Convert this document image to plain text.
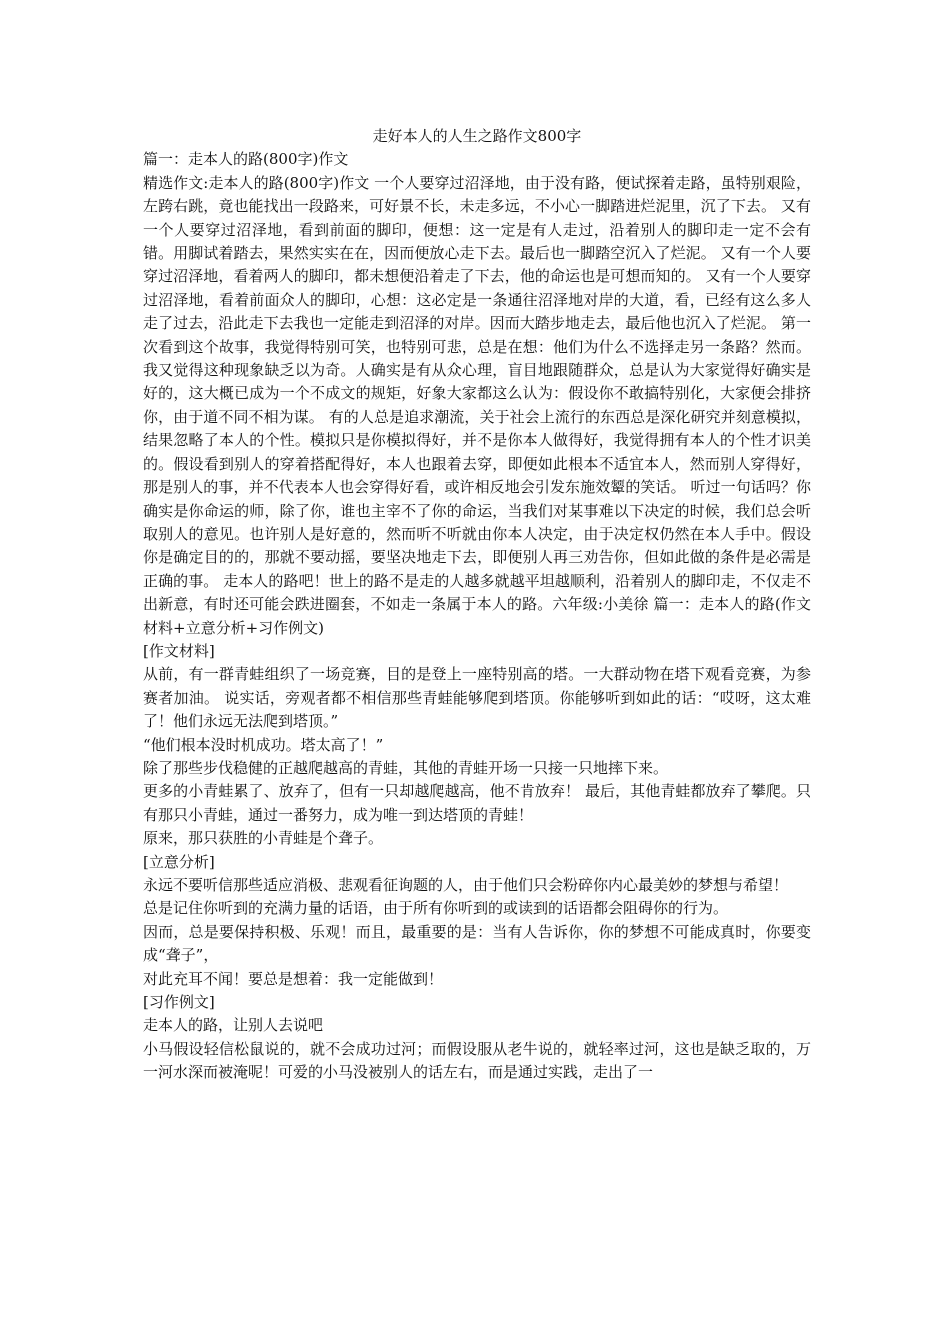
走好本人的人生之路作文800字

篇一：走本人的路(800字)作文

精选作文:走本人的路(800字)作文 一个人要穿过沼泽地，由于没有路，便试探着走路，虽特别艰险，左跨右跳，竟也能找出一段路来，可好景不长，未走多远，不小心一脚踏进烂泥里，沉了下去。 又有一个人要穿过沼泽地，看到前面的脚印，便想：这一定是有人走过，沿着别人的脚印走一定不会有错。用脚试着踏去，果然实实在在，因而便放心走下去。最后也一脚踏空沉入了烂泥。 又有一个人要穿过沼泽地，看着两人的脚印，都未想便沿着走了下去，他的命运也是可想而知的。 又有一个人要穿过沼泽地，看着前面众人的脚印，心想：这必定是一条通往沼泽地对岸的大道，看，已经有这么多人走了过去，沿此走下去我也一定能走到沼泽的对岸。因而大踏步地走去，最后他也沉入了烂泥。 第一次看到这个故事，我觉得特别可笑，也特别可悲，总是在想：他们为什么不选择走另一条路？然而。我又觉得这种现象缺乏以为奇。人确实是有从众心理，盲目地跟随群众，总是认为大家觉得好确实是好的，这大概已成为一个不成文的规矩，好象大家都这么认为：假设你不敢搞特别化，大家便会排挤你，由于道不同不相为谋。 有的人总是追求潮流，关于社会上流行的东西总是深化研究并刻意模拟，结果忽略了本人的个性。模拟只是你模拟得好，并不是你本人做得好，我觉得拥有本人的个性才识美的。假设看到别人的穿着搭配得好，本人也跟着去穿，即便如此根本不适宜本人，然而别人穿得好，那是别人的事，并不代表本人也会穿得好看，或许相反地会引发东施效颦的笑话。 听过一句话吗？你确实是你命运的师，除了你，谁也主宰不了你的命运，当我们对某事难以下决定的时候，我们总会听取别人的意见。也许别人是好意的，然而听不听就由你本人决定，由于决定权仍然在本人手中。假设你是确定目的的，那就不要动摇，要坚决地走下去，即便别人再三劝告你，但如此做的条件是必需是正确的事。 走本人的路吧！世上的路不是走的人越多就越平坦越顺利，沿着别人的脚印走，不仅走不出新意，有时还可能会跌进圈套，不如走一条属于本人的路。六年级:小美徐 篇一：走本人的路(作文材料+立意分析+习作例文)

[作文材料]

从前，有一群青蛙组织了一场竞赛，目的是登上一座特别高的塔。一大群动物在塔下观看竞赛，为参赛者加油。 说实话，旁观者都不相信那些青蛙能够爬到塔顶。你能够听到如此的话：“哎呀，这太难了！他们永远无法爬到塔顶。”

“他们根本没时机成功。塔太高了！”

除了那些步伐稳健的正越爬越高的青蛙，其他的青蛙开场一只接一只地摔下来。

更多的小青蛙累了、放弃了，但有一只却越爬越高，他不肯放弃！ 最后，其他青蛙都放弃了攀爬。只有那只小青蛙，通过一番努力，成为唯一到达塔顶的青蛙！

原来，那只获胜的小青蛙是个聋子。

[立意分析]

永远不要听信那些适应消极、悲观看征询题的人，由于他们只会粉碎你内心最美妙的梦想与希望！

总是记住你听到的充满力量的话语，由于所有你听到的或读到的话语都会阻碍你的行为。

因而，总是要保持积极、乐观！而且，最重要的是：当有人告诉你，你的梦想不可能成真时，你要变成“聋子”，

对此充耳不闻！要总是想着：我一定能做到！

[习作例文]

走本人的路，让别人去说吧

小马假设轻信松鼠说的，就不会成功过河；而假设服从老牛说的，就轻率过河，这也是缺乏取的，万一河水深而被淹呢！可爱的小马没被别人的话左右，而是通过实践，走出了一
